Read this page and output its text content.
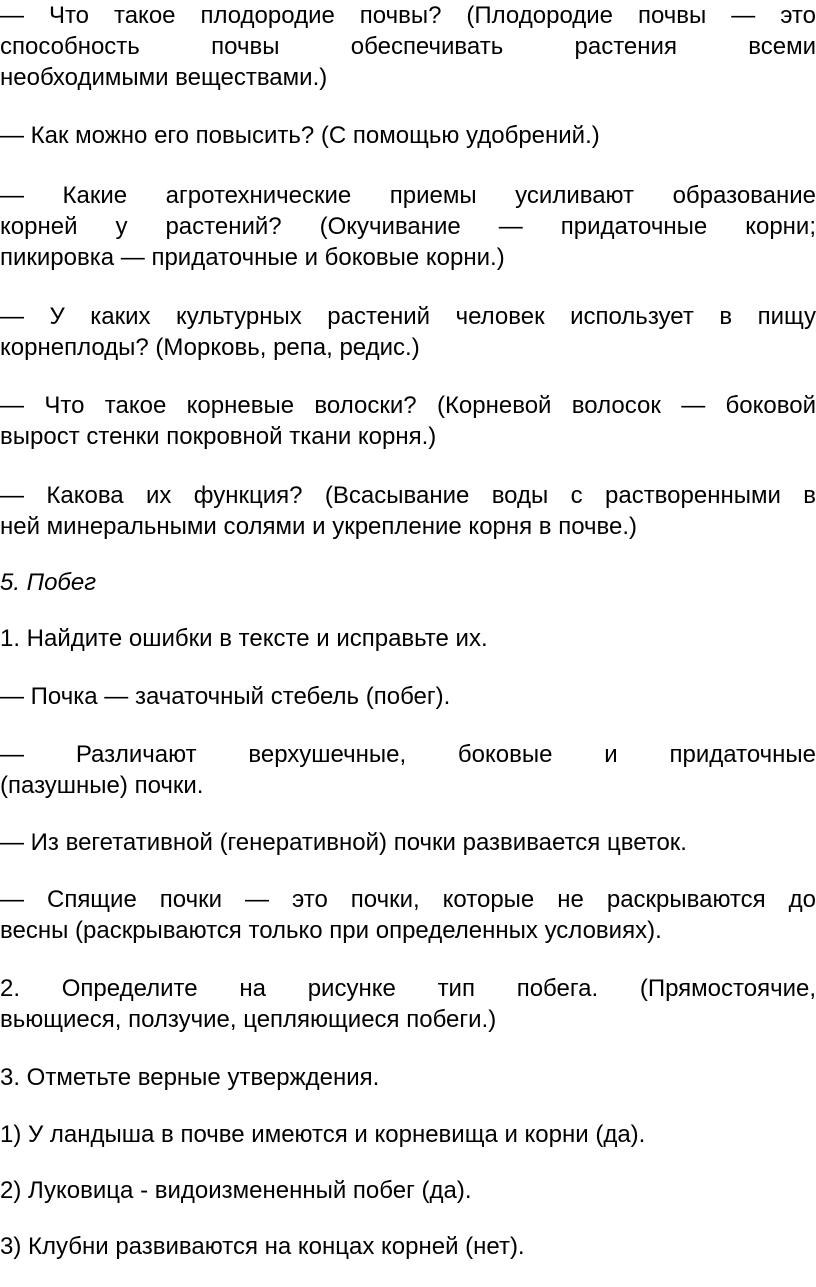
— Что такое плодородие почвы? (Плодородие почвы — это
способность почвы обеспечивать растения всеми
необходимыми веществами.)

— Как можно его повысить? (С помощью удобрений.)

— Какие агротехнические приемы усиливают образование
корней у растений? (Окучивание — придаточные корни;
пикировка — придаточные и боковые корни.)

— У каких культурных растений человек использует в пищу
корнеплоды? (Морковь, репа, редис.)

— Что такое корневые волоски? (Корневой волосок — боковой
вырост стенки покровной ткани корня.)

— Какова их функция? (Всасывание воды с растворенными в
ней минеральными солями и укрепление корня в почве.)

5. Побег

1. Найдите ошибки в тексте и исправьте их.

— Почка — зачаточный стебель (побег).

— Различают верхушечные, боковые и придаточные
(пазушные) почки.

— Из вегетативной (генеративной) почки развивается цветок.

— Спящие почки — это почки, которые не раскрываются до
весны (раскрываются только при определенных условиях).

2. Определите на рисунке тип побега. (Прямостоячие,
вьющиеся, ползучие, цепляющиеся побеги.)

3. Отметьте верные утверждения.

1) У ландыша в почве имеются и корневища и корни (да).

2) Луковица - видоизмененный побег (да).

3) Клубни развиваются на концах корней (нет).
